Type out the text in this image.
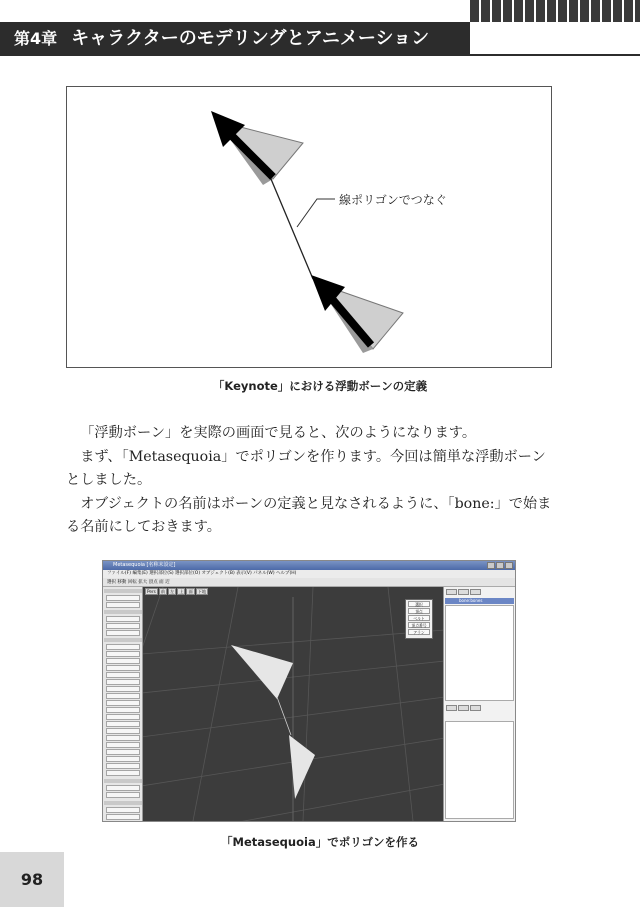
第4章 キャラクターのモデリングとアニメーション
線ポリゴンでつなぐ
「Keynote」における浮動ボーンの定義

「浮動ボーン」を実際の画面で見ると、次のようになります。

まず、「Metasequoia」でポリゴンを作ります。今回は簡単な浮動ボーンとしました。

オブジェクトの名前はボーンの定義と見なされるように、「bone:」で始まる名前にしておきます。

Metasequoia [名称未設定]
ファイル(F) 編集(E) 選択部位(S) 選択部位(O) オブジェクト(B) 表示(V) パネル(W) ヘルプ(H)
選択 移動 回転 拡大 頂点 面 辺
Pers	前	左	上	面	下地
選択
頂点
ベルト
頂点番号
アラン
bone:bones
「Metasequoia」でポリゴンを作る
98
